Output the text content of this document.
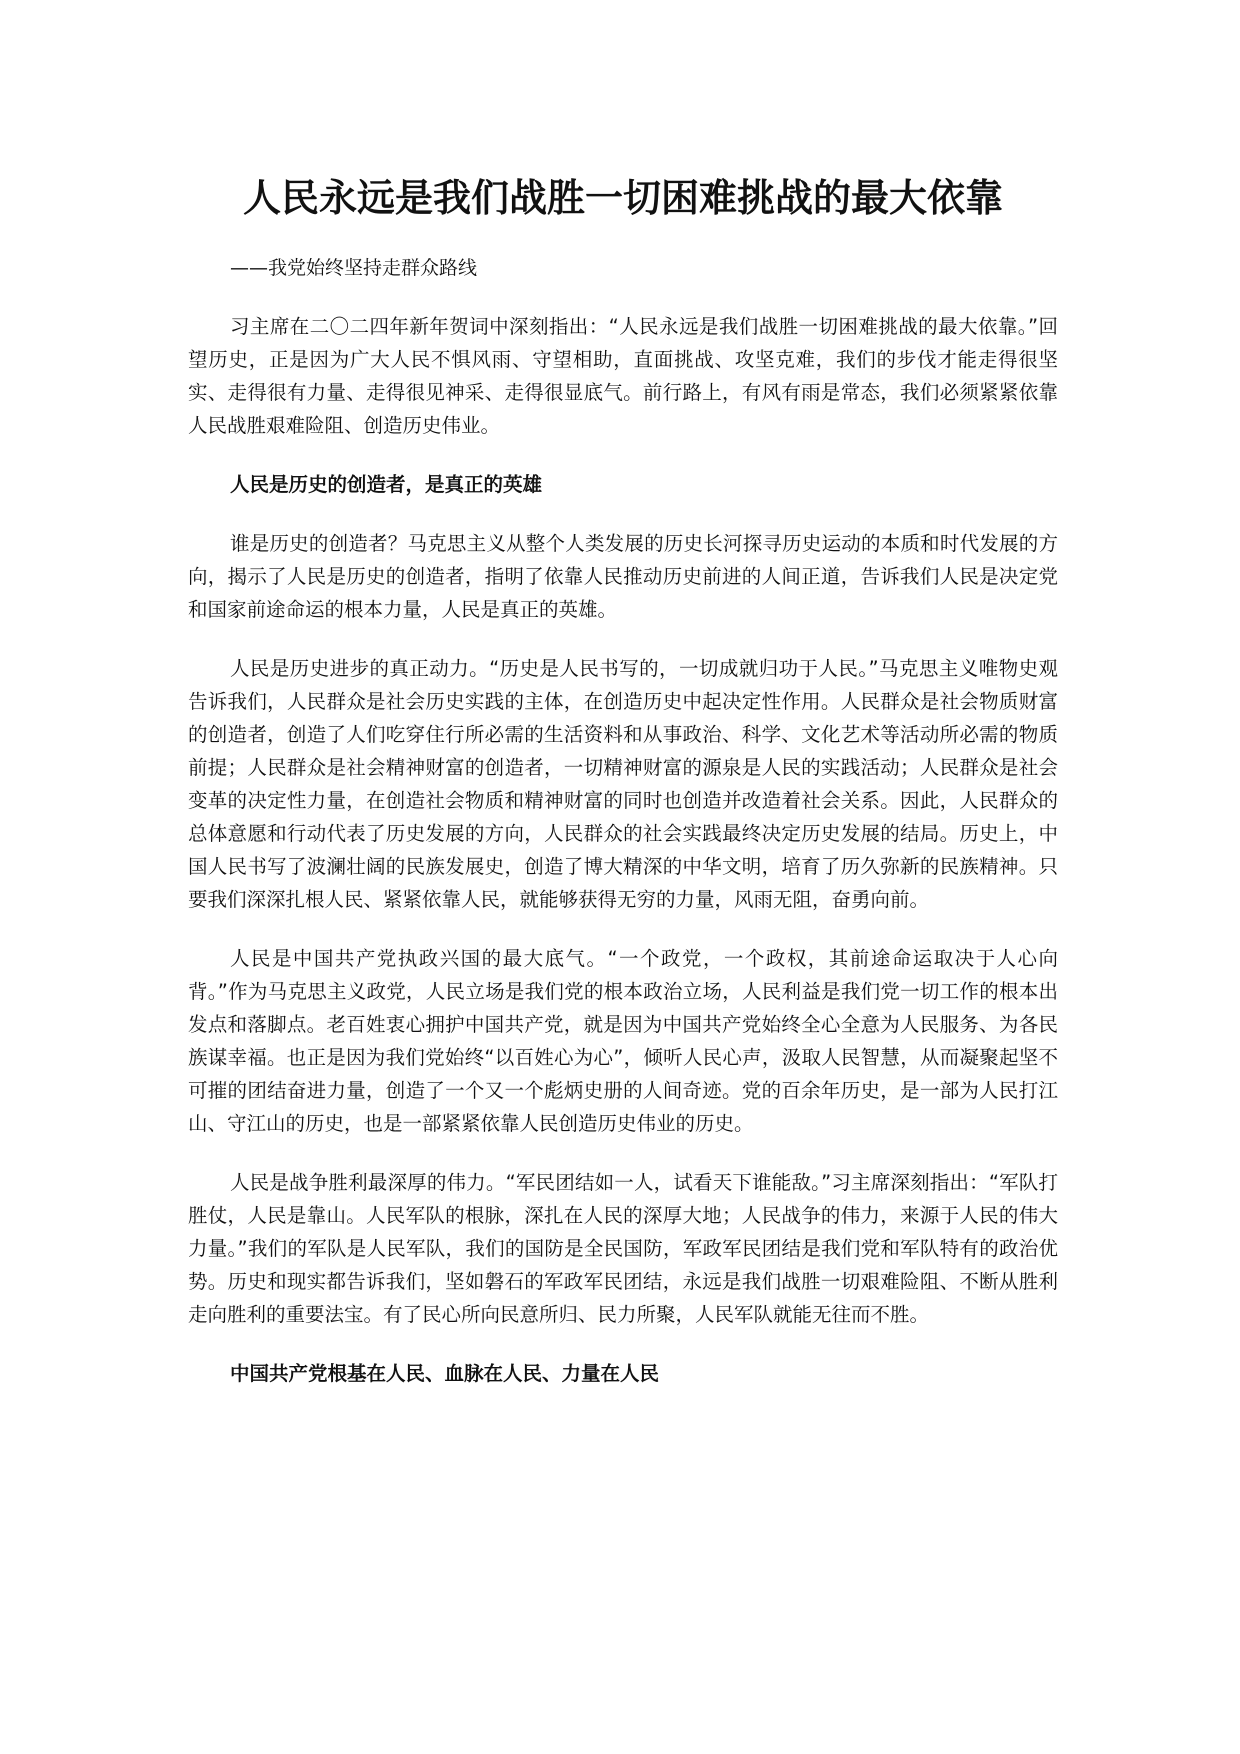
人民永远是我们战胜一切困难挑战的最大依靠

——我党始终坚持走群众路线

习主席在二〇二四年新年贺词中深刻指出：“人民永远是我们战胜一切困难挑战的最大依靠。”回望历史，正是因为广大人民不惧风雨、守望相助，直面挑战、攻坚克难，我们的步伐才能走得很坚实、走得很有力量、走得很见神采、走得很显底气。前行路上，有风有雨是常态，我们必须紧紧依靠人民战胜艰难险阻、创造历史伟业。

人民是历史的创造者，是真正的英雄

谁是历史的创造者？马克思主义从整个人类发展的历史长河探寻历史运动的本质和时代发展的方向，揭示了人民是历史的创造者，指明了依靠人民推动历史前进的人间正道，告诉我们人民是决定党和国家前途命运的根本力量，人民是真正的英雄。

人民是历史进步的真正动力。“历史是人民书写的，一切成就归功于人民。”马克思主义唯物史观告诉我们，人民群众是社会历史实践的主体，在创造历史中起决定性作用。人民群众是社会物质财富的创造者，创造了人们吃穿住行所必需的生活资料和从事政治、科学、文化艺术等活动所必需的物质前提；人民群众是社会精神财富的创造者，一切精神财富的源泉是人民的实践活动；人民群众是社会变革的决定性力量，在创造社会物质和精神财富的同时也创造并改造着社会关系。因此，人民群众的总体意愿和行动代表了历史发展的方向，人民群众的社会实践最终决定历史发展的结局。历史上，中国人民书写了波澜壮阔的民族发展史，创造了博大精深的中华文明，培育了历久弥新的民族精神。只要我们深深扎根人民、紧紧依靠人民，就能够获得无穷的力量，风雨无阻，奋勇向前。

人民是中国共产党执政兴国的最大底气。“一个政党，一个政权，其前途命运取决于人心向背。”作为马克思主义政党，人民立场是我们党的根本政治立场，人民利益是我们党一切工作的根本出发点和落脚点。老百姓衷心拥护中国共产党，就是因为中国共产党始终全心全意为人民服务、为各民族谋幸福。也正是因为我们党始终“以百姓心为心”，倾听人民心声，汲取人民智慧，从而凝聚起坚不可摧的团结奋进力量，创造了一个又一个彪炳史册的人间奇迹。党的百余年历史，是一部为人民打江山、守江山的历史，也是一部紧紧依靠人民创造历史伟业的历史。

人民是战争胜利最深厚的伟力。“军民团结如一人，试看天下谁能敌。”习主席深刻指出：“军队打胜仗，人民是靠山。人民军队的根脉，深扎在人民的深厚大地；人民战争的伟力，来源于人民的伟大力量。”我们的军队是人民军队，我们的国防是全民国防，军政军民团结是我们党和军队特有的政治优势。历史和现实都告诉我们，坚如磐石的军政军民团结，永远是我们战胜一切艰难险阻、不断从胜利走向胜利的重要法宝。有了民心所向民意所归、民力所聚，人民军队就能无往而不胜。

中国共产党根基在人民、血脉在人民、力量在人民
